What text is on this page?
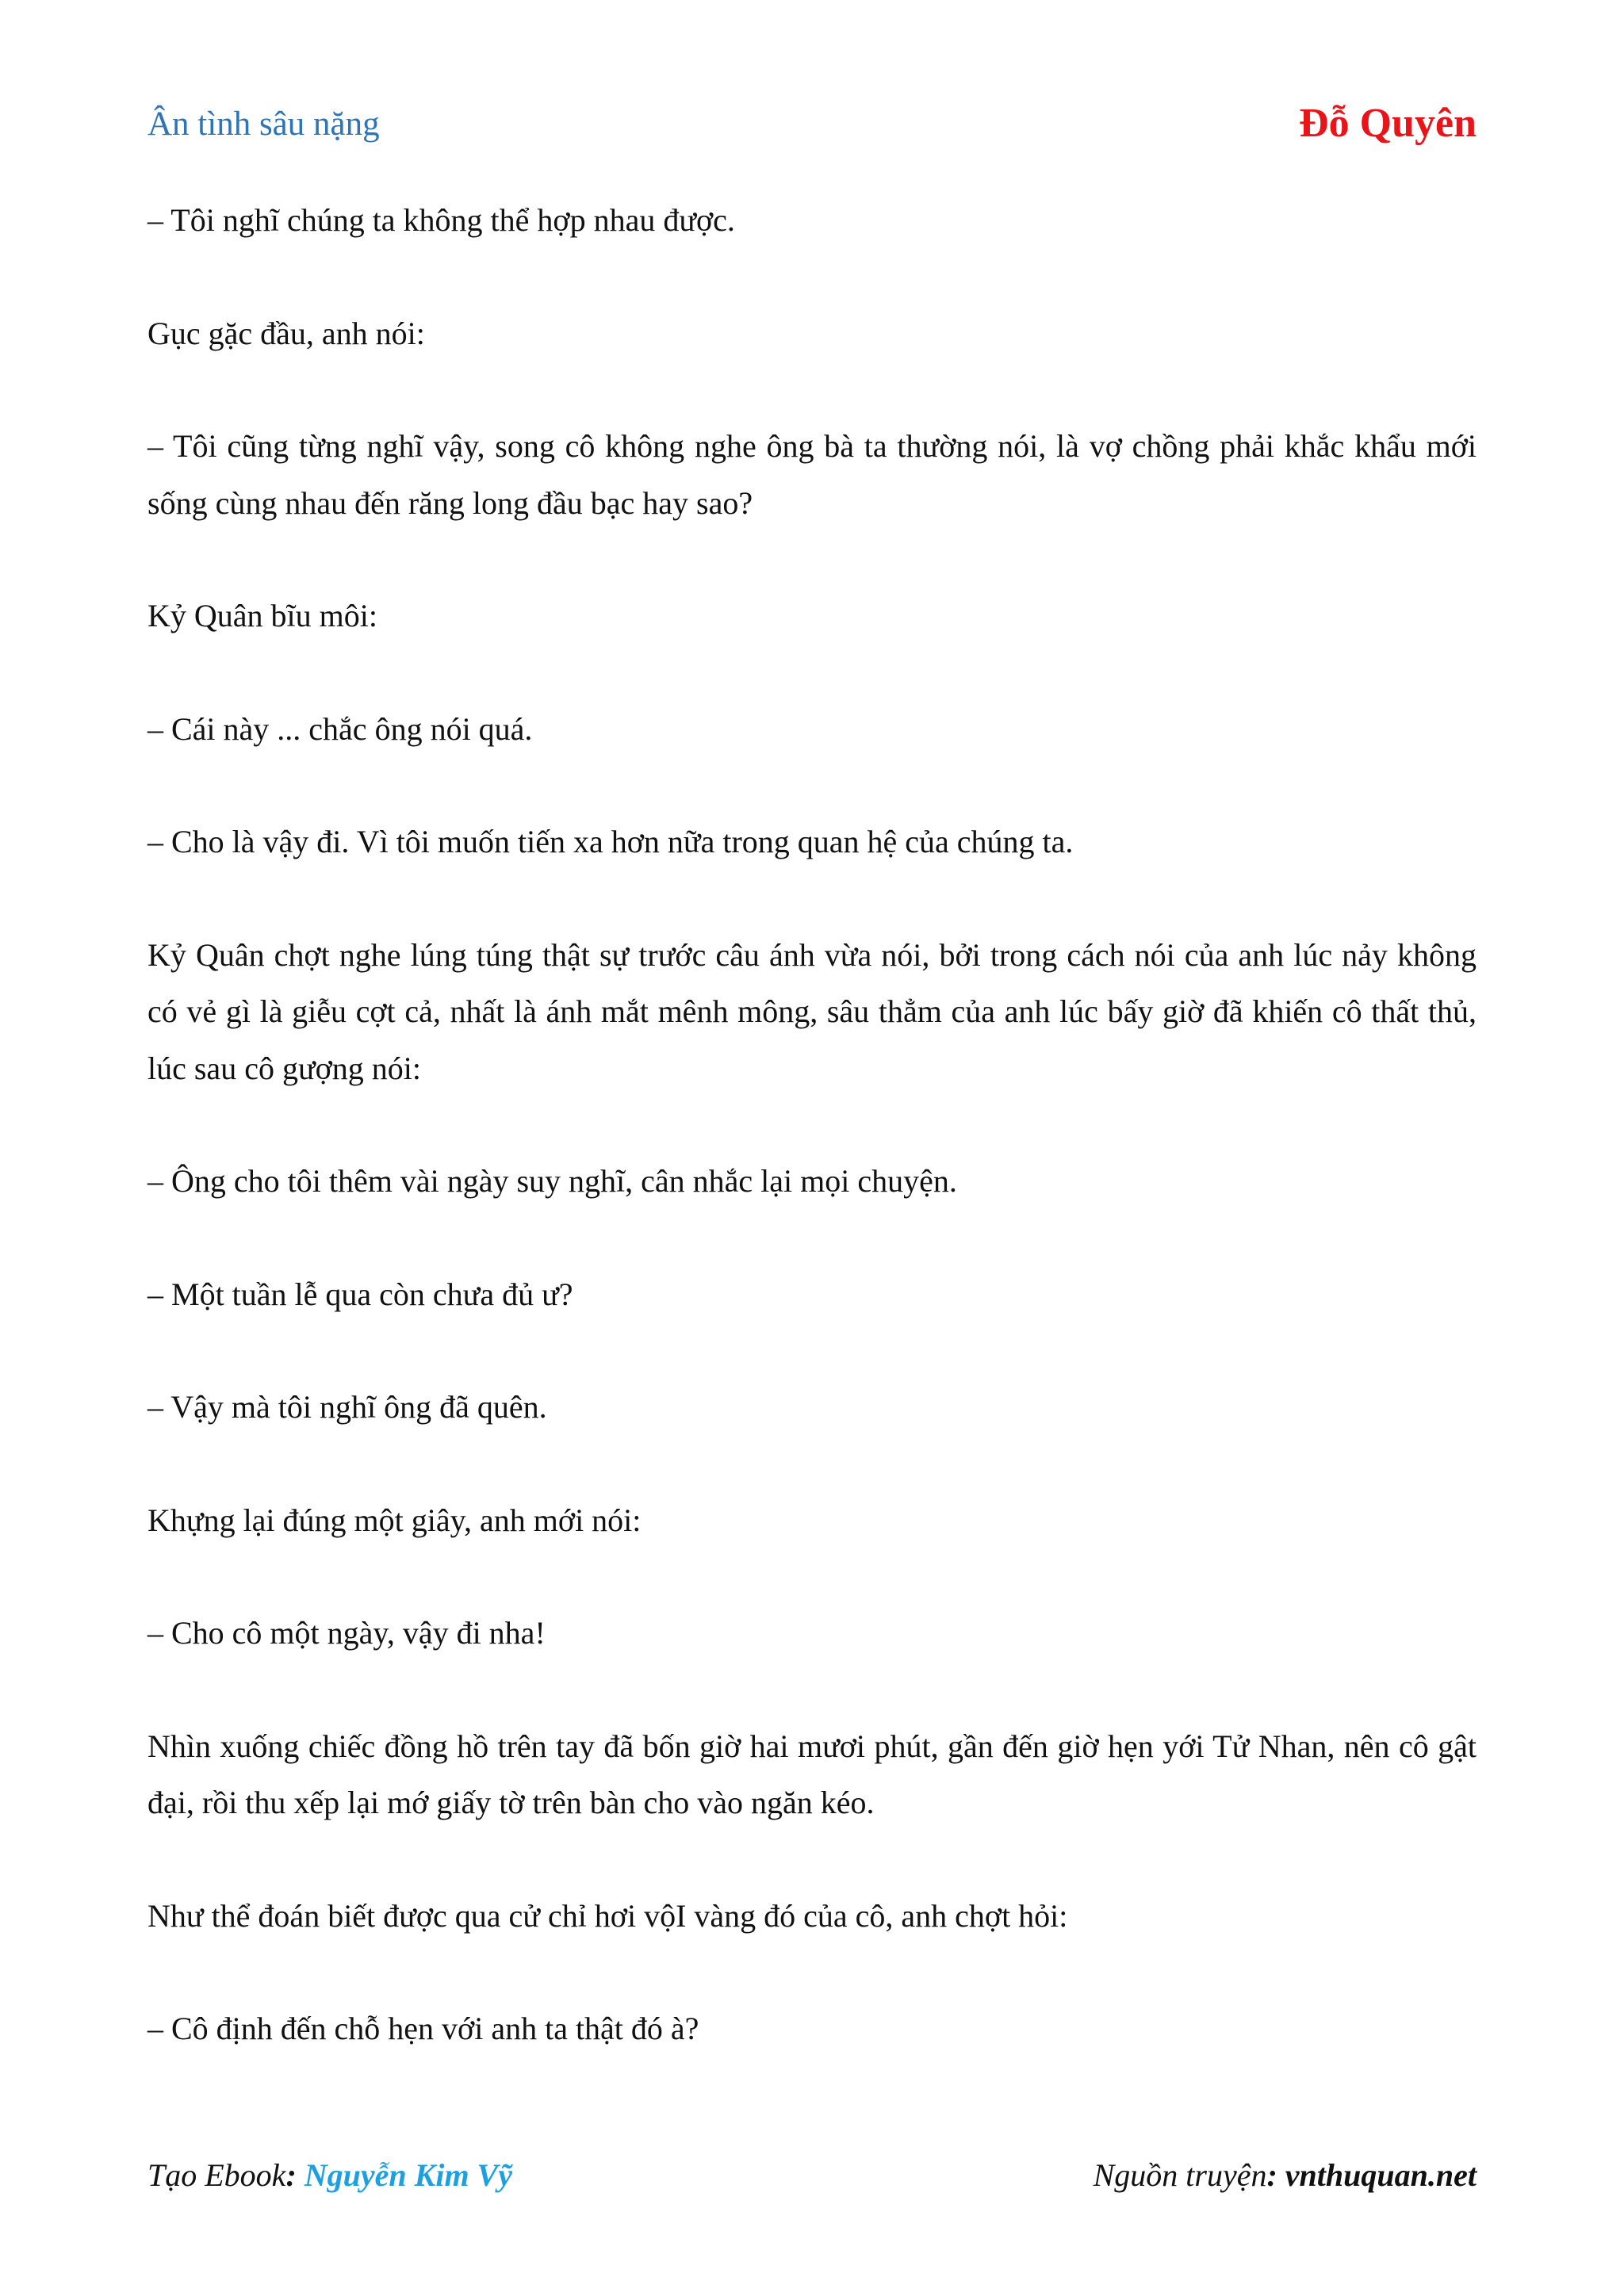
Ân tình sâu nặng	Đỗ Quyên

– Tôi nghĩ chúng ta không thể hợp nhau được.

Gục gặc đầu, anh nói:

– Tôi cũng từng nghĩ vậy, song cô không nghe ông bà ta thường nói, là vợ chồng phải khắc khẩu mới sống cùng nhau đến răng long đầu bạc hay sao?

Kỷ Quân bĩu môi:

– Cái này ... chắc ông nói quá.

– Cho là vậy đi. Vì tôi muốn tiến xa hơn nữa trong quan hệ của chúng ta.

Kỷ Quân chợt nghe lúng túng thật sự trước câu ánh vừa nói, bởi trong cách nói của anh lúc nảy không có vẻ gì là giễu cợt cả, nhất là ánh mắt mênh mông, sâu thẳm của anh lúc bấy giờ đã khiến cô thất thủ, lúc sau cô gượng nói:

– Ông cho tôi thêm vài ngày suy nghĩ, cân nhắc lại mọi chuyện.

– Một tuần lễ qua còn chưa đủ ư?

– Vậy mà tôi nghĩ ông đã quên.

Khựng lại đúng một giây, anh mới nói:

– Cho cô một ngày, vậy đi nha!

Nhìn xuống chiếc đồng hồ trên tay đã bốn giờ hai mươi phút, gần đến giờ hẹn yới Tử Nhan, nên cô gật đại, rồi thu xếp lại mớ giấy tờ trên bàn cho vào ngăn kéo.

Như thể đoán biết được qua cử chỉ hơi vộI vàng đó của cô, anh chợt hỏi:

– Cô định đến chỗ hẹn với anh ta thật đó à?

Tạo Ebook: Nguyễn Kim Vỹ	Nguồn truyện: vnthuquan.net
